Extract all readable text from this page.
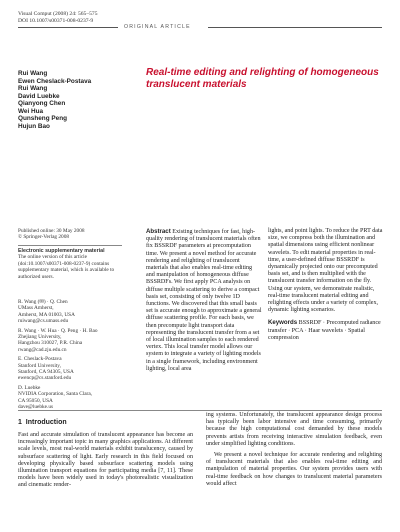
Visual Comput (2008) 24: 565–575
DOI 10.1007/s00371-008-0237-9
ORIGINAL ARTICLE
Rui Wang
Ewen Cheslack-Postava
Rui Wang
David Luebke
Qianyong Chen
Wei Hua
Qunsheng Peng
Hujun Bao
Real-time editing and relighting of homogeneous translucent materials
Published online: 30 May 2008
© Springer-Verlag 2008
Electronic supplementary material
The online version of this article (doi:10.1007/s00371-008-0237-9) contains supplementary material, which is available to authorized users.
R. Wang (✉) · Q. Chen
UMass Amherst,
Amherst, MA 01003, USA
ruiwang@cs.umass.edu
R. Wang · W. Hua · Q. Peng · H. Bao
Zhejiang University,
Hangzhou 310027, P.R. China
rwang@cad.zju.edu.cn
E. Cheslack-Postava
Stanford University,
Stanford, CA 94305, USA
ewencp@cs.stanford.edu
D. Luebke
NVIDIA Corporation, Santa Clara,
CA 95050, USA
dave@luebke.us
Abstract Existing techniques for fast, high-quality rendering of translucent materials often fix BSSRDF parameters at precomputation time. We present a novel method for accurate rendering and relighting of translucent materials that also enables real-time editing and manipulation of homogeneous diffuse BSSRDFs. We first apply PCA analysis on diffuse multiple scattering to derive a compact basis set, consisting of only twelve 1D functions. We discovered that this small basis set is accurate enough to approximate a general diffuse scattering profile. For each basis, we then precompute light transport data representing the translucent transfer from a set of local illumination samples to each rendered vertex. This local transfer model allows our system to integrate a variety of lighting models in a single framework, including environment lighting, local area
lights, and point lights. To reduce the PRT data size, we compress both the illumination and spatial dimensions using efficient nonlinear wavelets. To edit material properties in real-time, a user-defined diffuse BSSRDF is dynamically projected onto our precomputed basis set, and is then multiplied with the translucent transfer information on the fly. Using our system, we demonstrate realistic, real-time translucent material editing and relighting effects under a variety of complex, dynamic lighting scenarios.
Keywords BSSRDF · Precomputed radiance transfer · PCA · Haar wavelets · Spatial compression
1 Introduction

Fast and accurate simulation of translucent appearance has become an increasingly important topic in many graphics applications. At different scale levels, most real-world materials exhibit translucency, caused by subsurface scattering of light. Early research in this field focused on developing physically based subsurface scattering models using illumination transport equations for participating media [7, 11]. These models have been widely used in today's photorealistic visualization and cinematic render-

ing systems. Unfortunately, the translucent appearance design process has typically been labor intensive and time consuming, primarily because the high computational cost demanded by these models prevents artists from receiving interactive simulation feedback, even under simplified lighting conditions.

We present a novel technique for accurate rendering and relighting of translucent materials that also enables real-time editing and manipulation of material properties. Our system provides users with real-time feedback on how changes to translucent material parameters would affect
